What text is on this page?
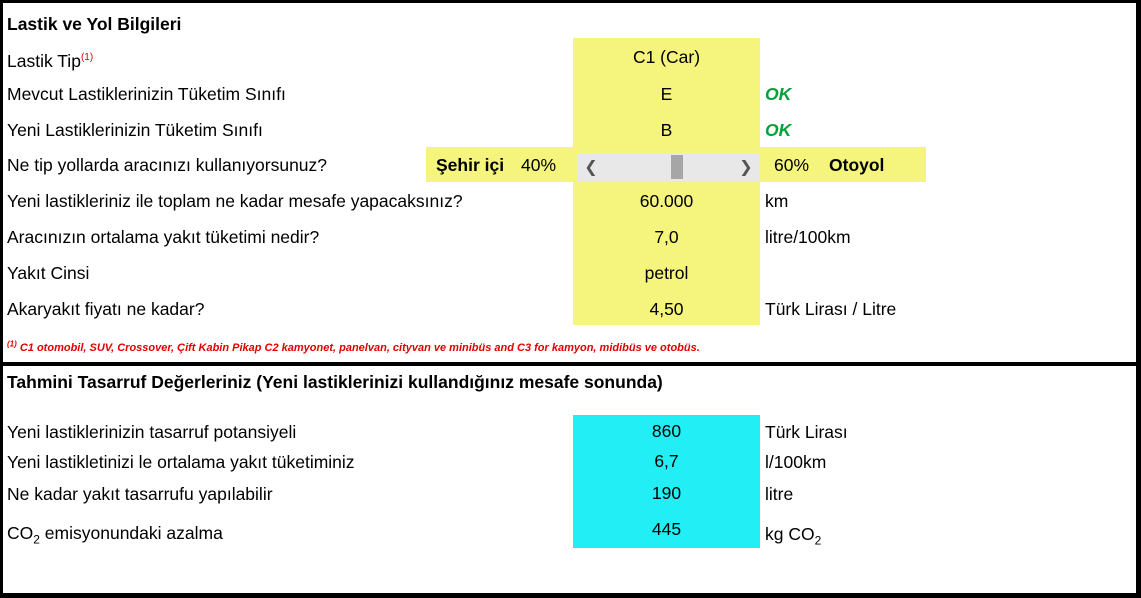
Lastik ve Yol Bilgileri
Lastik Tip$^{(1)}$	C1 (Car)
Mevcut Lastiklerinizin Tüketim Sınıfı	E	OK
Yeni Lastiklerinizin Tüketim Sınıfı	B	OK
Ne tip yollarda aracınızı kullanıyorsunuz?	Şehir içi 40%	60% Otoyol
Yeni lastikleriniz ile toplam ne kadar mesafe yapacaksınız?	60.000	km
Aracınızın ortalama yakıt tüketimi nedir?	7,0	litre/100km
Yakıt Cinsi	petrol
Akaryakıt fiyatı ne kadar?	4,50	Türk Lirası / Litre
$^{(1)}$ C1 otomobil, SUV, Crossover, Çift Kabin Pikap C2 kamyonet, panelvan, cityvan ve minibüs and C3 for kamyon, midibüs ve otobüs.
❮	❯
Tahmini Tasarruf Değerleriniz (Yeni lastiklerinizi kullandığınız mesafe sonunda)
Yeni lastiklerinizin tasarruf potansiyeli	860	Türk Lirası
Yeni lastikletinizi le ortalama yakıt tüketiminiz	6,7	l/100km
Ne kadar yakıt tasarrufu yapılabilir	190	litre
$CO_2$ emisyonundaki azalma	445	kg $CO_2$
